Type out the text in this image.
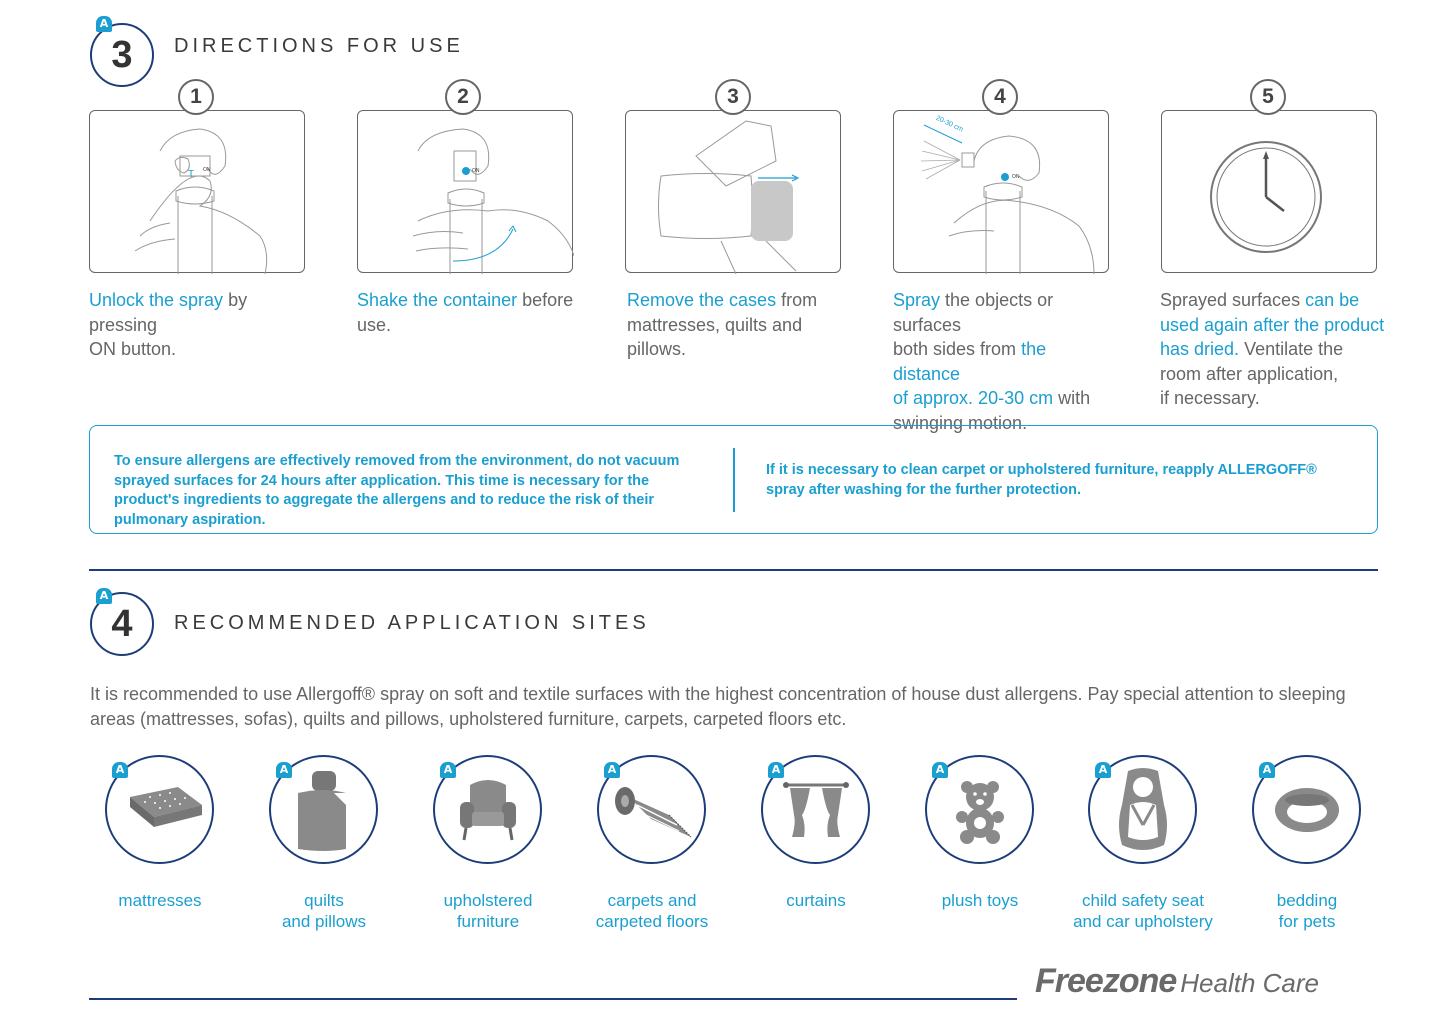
3
A
DIRECTIONS FOR USE
T ON
1
Unlock the spray by pressing
ON button.
ON
2
Shake the container before
use.
3
Remove the cases from
mattresses, quilts and
pillows.
20-30 cm
ON
4
Spray the objects or surfaces
both sides from the distance
of approx. 20-30 cm with
swinging motion.
5
Sprayed surfaces can be
used again after the product
has dried. Ventilate the
room after application,
if necessary.
To ensure allergens are effectively removed from the environment, do not vacuum sprayed surfaces for 24 hours after application. This time is necessary for the product's ingredients to aggregate the allergens and to reduce the risk of their pulmonary aspiration.
If it is necessary to clean carpet or upholstered furniture, reapply ALLERGOFF® spray after washing for the further protection.
4
A
RECOMMENDED APPLICATION SITES
It is recommended to use Allergoff® spray on soft and textile surfaces with the highest concentration of house dust allergens. Pay special attention to sleeping areas (mattresses, sofas), quilts and pillows, upholstered furniture, carpets, carpeted floors etc.
A
mattresses
A
quilts
and pillows
A
upholstered
furniture
A
carpets and
carpeted floors
A
curtains
A
plush toys
A
child safety seat
and car upholstery
A
bedding
for pets
Freezone Health Care
